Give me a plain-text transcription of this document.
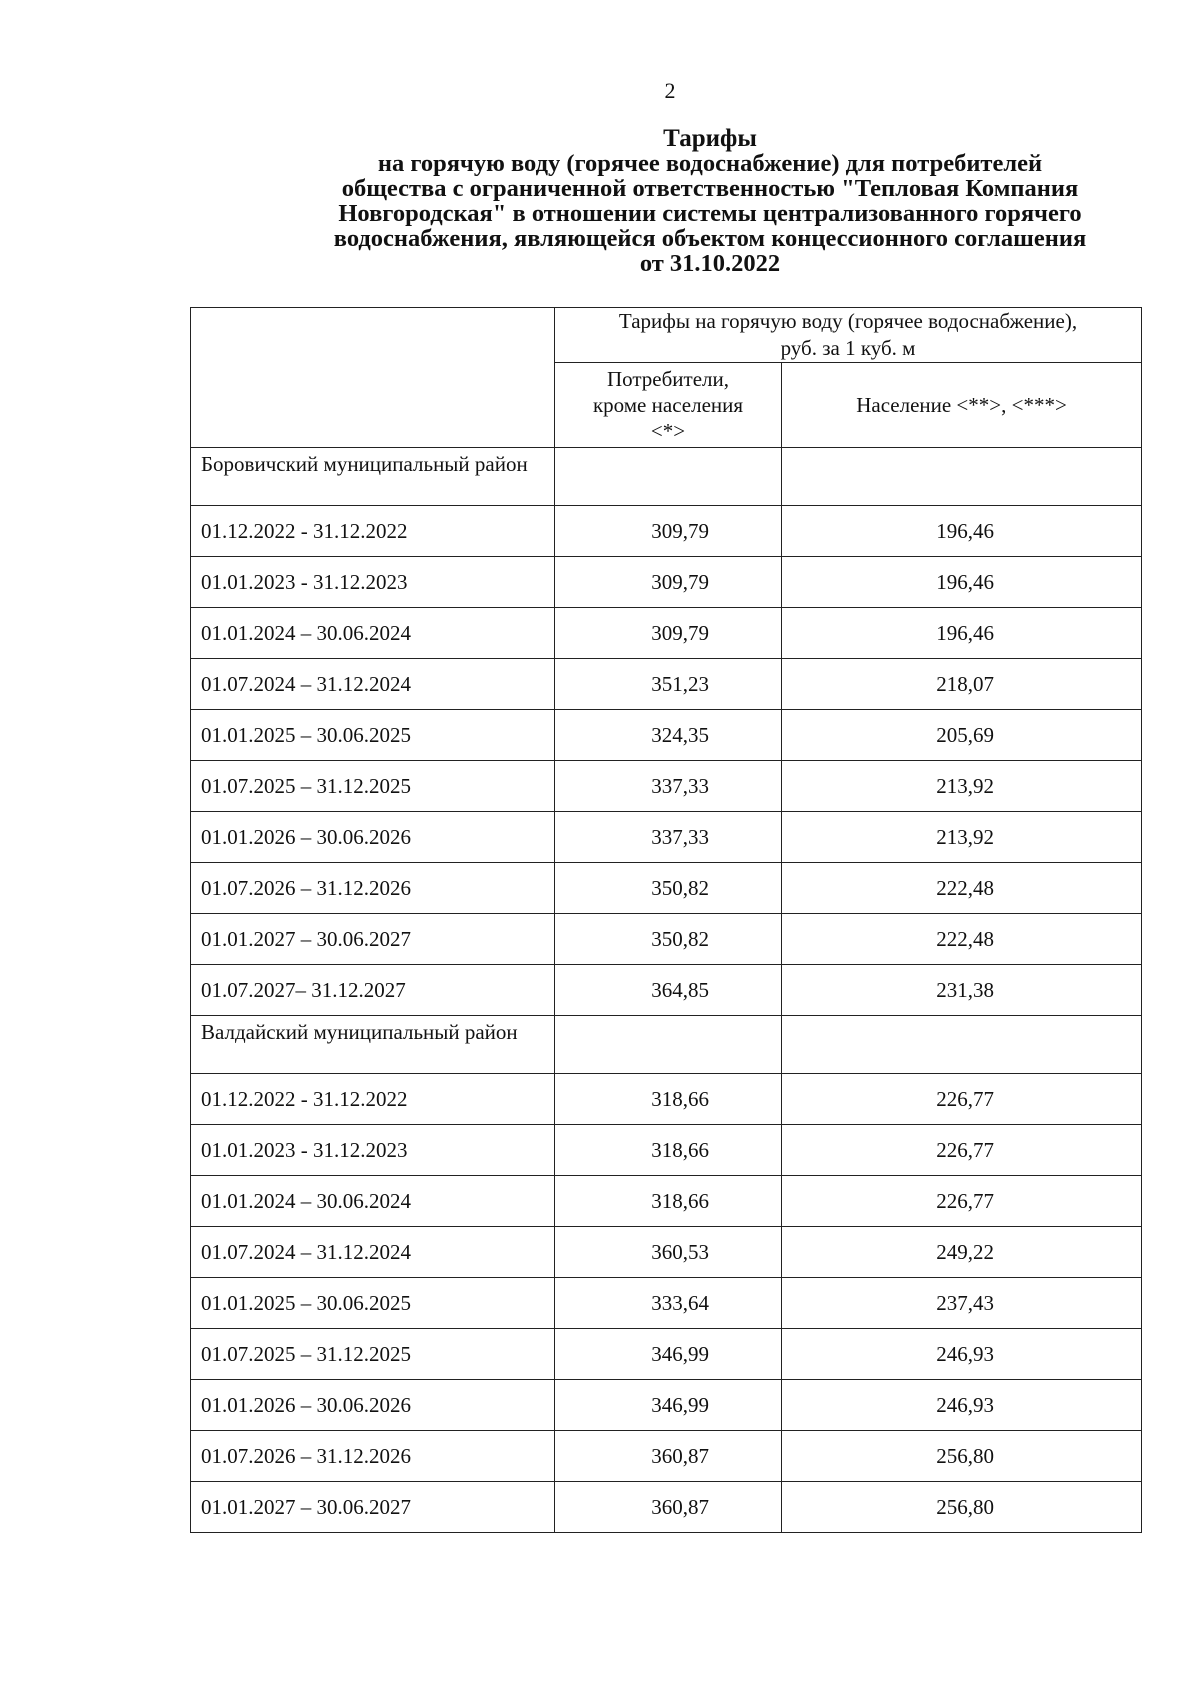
2
Тарифы
на горячую воду (горячее водоснабжение) для потребителей
общества с ограниченной ответственностью "Тепловая Компания
Новгородская" в отношении системы централизованного горячего
водоснабжения, являющейся объектом концессионного соглашения
от 31.10.2022
	Тарифы на горячую воду (горячее водоснабжение),
руб. за 1 куб. м	
	Потребители,
кроме населения
<*>	Население <**>, <***>
Боровичский муниципальный район		
01.12.2022 - 31.12.2022	309,79	196,46
01.01.2023 - 31.12.2023	309,79	196,46
01.01.2024 – 30.06.2024	309,79	196,46
01.07.2024 – 31.12.2024	351,23	218,07
01.01.2025 – 30.06.2025	324,35	205,69
01.07.2025 – 31.12.2025	337,33	213,92
01.01.2026 – 30.06.2026	337,33	213,92
01.07.2026 – 31.12.2026	350,82	222,48
01.01.2027 – 30.06.2027	350,82	222,48
01.07.2027– 31.12.2027	364,85	231,38
Валдайский муниципальный район		
01.12.2022 - 31.12.2022	318,66	226,77
01.01.2023 - 31.12.2023	318,66	226,77
01.01.2024 – 30.06.2024	318,66	226,77
01.07.2024 – 31.12.2024	360,53	249,22
01.01.2025 – 30.06.2025	333,64	237,43
01.07.2025 – 31.12.2025	346,99	246,93
01.01.2026 – 30.06.2026	346,99	246,93
01.07.2026 – 31.12.2026	360,87	256,80
01.01.2027 – 30.06.2027	360,87	256,80
